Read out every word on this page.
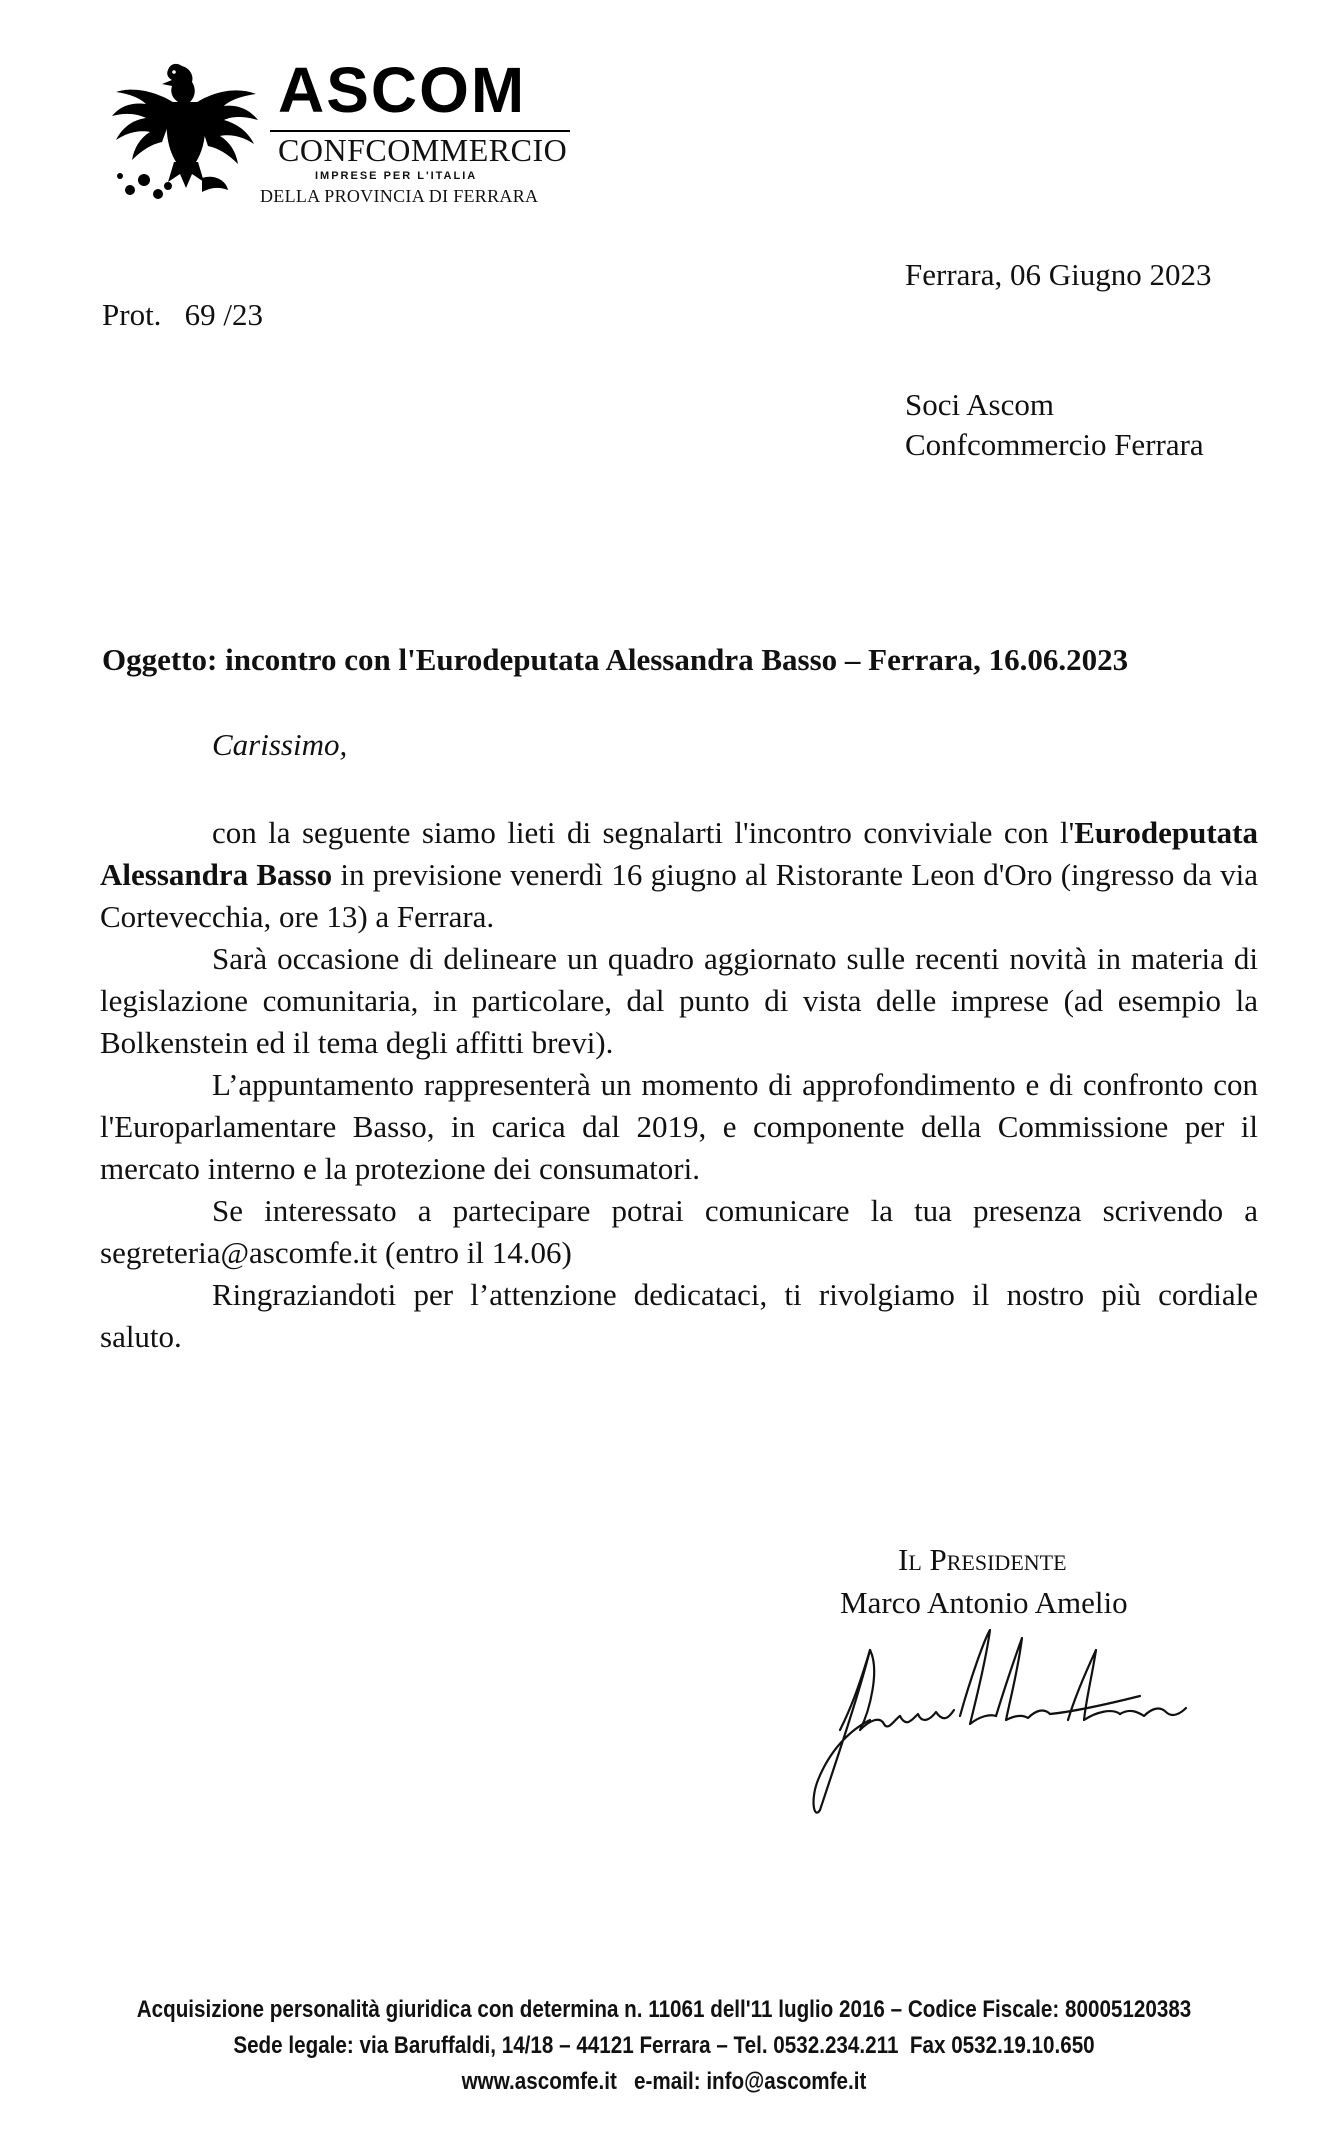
ASCOM
CONFCOMMERCIO
IMPRESE PER L'ITALIA
DELLA PROVINCIA DI FERRARA
Ferrara, 06 Giugno 2023
Prot.   69 /23
Soci Ascom
Confcommercio Ferrara
Oggetto: incontro con l'Eurodeputata Alessandra Basso – Ferrara, 16.06.2023
Carissimo,

con la seguente siamo lieti di segnalarti l'incontro conviviale con l'Eurodeputata Alessandra Basso in previsione venerdì 16 giugno al Ristorante Leon d'Oro (ingresso da via Cortevecchia, ore 13) a Ferrara.

Sarà occasione di delineare un quadro aggiornato sulle recenti novità in materia di legislazione comunitaria, in particolare, dal punto di vista delle imprese (ad esempio la Bolkenstein ed il tema degli affitti brevi).

L’appuntamento rappresenterà un momento di approfondimento e di confronto con l'Europarlamentare Basso, in carica dal 2019, e componente della Commissione per il mercato interno e la protezione dei consumatori.

Se interessato a partecipare potrai comunicare la tua presenza scrivendo a segreteria@ascomfe.it (entro il 14.06)

Ringraziandoti per l’attenzione dedicataci, ti rivolgiamo il nostro più cordiale saluto.

Il Presidente
Marco Antonio Amelio
Acquisizione personalità giuridica con determina n. 11061 dell'11 luglio 2016 – Codice Fiscale: 80005120383
Sede legale: via Baruffaldi, 14/18 – 44121 Ferrara – Tel. 0532.234.211  Fax 0532.19.10.650
www.ascomfe.it   e-mail: info@ascomfe.it
